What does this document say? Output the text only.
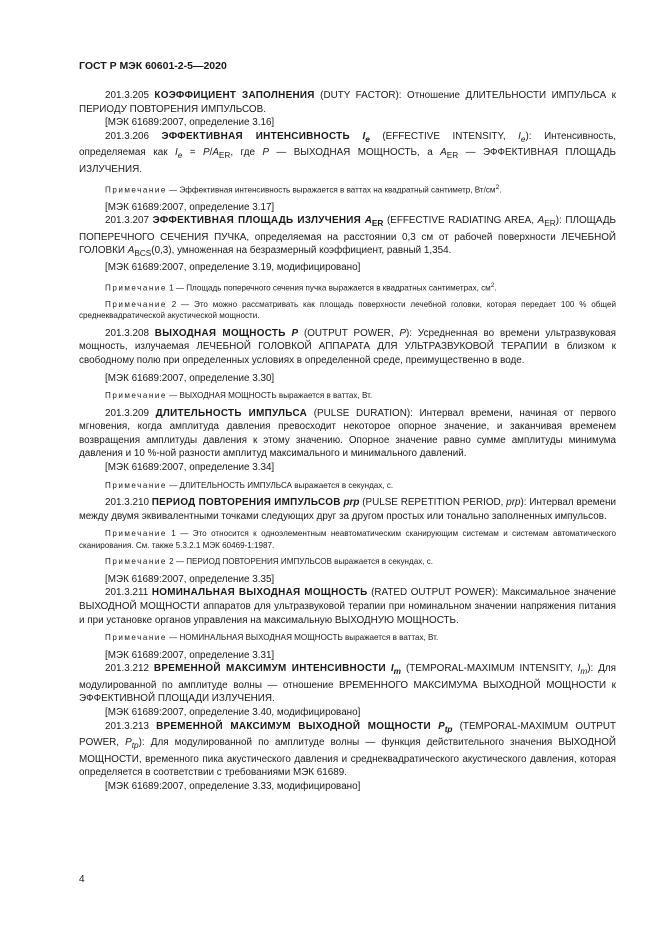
ГОСТ Р МЭК 60601-2-5—2020

201.3.205 КОЭФФИЦИЕНТ ЗАПОЛНЕНИЯ (DUTY FACTOR): Отношение ДЛИТЕЛЬНОСТИ ИМПУЛЬСА к ПЕРИОДУ ПОВТОРЕНИЯ ИМПУЛЬСОВ.

[МЭК 61689:2007, определение 3.16]

201.3.206 ЭФФЕКТИВНАЯ ИНТЕНСИВНОСТЬ $I_e$ (EFFECTIVE INTENSITY, $I_e$): Интенсивность, определяемая как $I_e = P/A_{ER}$, где P — ВЫХОДНАЯ МОЩНОСТЬ, а $A_{ER}$ — ЭФФЕКТИВНАЯ ПЛОЩАДЬ ИЗЛУЧЕНИЯ.

Примечание — Эффективная интенсивность выражается в ваттах на квадратный сантиметр, $Вт/см^2$.

[МЭК 61689:2007, определение 3.17]

201.3.207 ЭФФЕКТИВНАЯ ПЛОЩАДЬ ИЗЛУЧЕНИЯ $A_{ER}$ (EFFECTIVE RADIATING AREA, $A_{ER}$): ПЛОЩАДЬ ПОПЕРЕЧНОГО СЕЧЕНИЯ ПУЧКА, определяемая на расстоянии 0,3 см от рабочей поверхности ЛЕЧЕБНОЙ ГОЛОВКИ $A_{BCS}(0,3)$, умноженная на безразмерный коэффициент, равный 1,354.

[МЭК 61689:2007, определение 3.19, модифицировано]

Примечание 1 — Площадь поперечного сечения пучка выражается в квадратных сантиметрах, $см^2$.

Примечание 2 — Это можно рассматривать как площадь поверхности лечебной головки, которая передает 100 % общей среднеквадратической акустической мощности.

201.3.208 ВЫХОДНАЯ МОЩНОСТЬ P (OUTPUT POWER, P): Усредненная во времени ультразвуковая мощность, излучаемая ЛЕЧЕБНОЙ ГОЛОВКОЙ АППАРАТА ДЛЯ УЛЬТРАЗВУКОВОЙ ТЕРАПИИ в близком к свободному полю при определенных условиях в определенной среде, преимущественно в воде.

[МЭК 61689:2007, определение 3.30]

Примечание — ВЫХОДНАЯ МОЩНОСТЬ выражается в ваттах, Вт.

201.3.209 ДЛИТЕЛЬНОСТЬ ИМПУЛЬСА (PULSE DURATION): Интервал времени, начиная от первого мгновения, когда амплитуда давления превосходит некоторое опорное значение, и заканчивая временем возвращения амплитуды давления к этому значению. Опорное значение равно сумме амплитуды минимума давления и 10 %-ной разности амплитуд максимального и минимального давлений.

[МЭК 61689:2007, определение 3.34]

Примечание — ДЛИТЕЛЬНОСТЬ ИМПУЛЬСА выражается в секундах, с.

201.3.210 ПЕРИОД ПОВТОРЕНИЯ ИМПУЛЬСОВ prp (PULSE REPETITION PERIOD, prp): Интервал времени между двумя эквивалентными точками следующих друг за другом простых или тонально заполненных импульсов.

Примечание 1 — Это относится к одноэлементным неавтоматическим сканирующим системам и системам автоматического сканирования. См. также 5.3.2.1 МЭК 60469-1:1987.

Примечание 2 — ПЕРИОД ПОВТОРЕНИЯ ИМПУЛЬСОВ выражается в секундах, с.

[МЭК 61689:2007, определение 3.35]

201.3.211 НОМИНАЛЬНАЯ ВЫХОДНАЯ МОЩНОСТЬ (RATED OUTPUT POWER): Максимальное значение ВЫХОДНОЙ МОЩНОСТИ аппаратов для ультразвуковой терапии при номинальном значении напряжения питания и при установке органов управления на максимальную ВЫХОДНУЮ МОЩНОСТЬ.

Примечание — НОМИНАЛЬНАЯ ВЫХОДНАЯ МОЩНОСТЬ выражается в ваттах, Вт.

[МЭК 61689:2007, определение 3.31]

201.3.212 ВРЕМЕННОЙ МАКСИМУМ ИНТЕНСИВНОСТИ $I_m$ (TEMPORAL-MAXIMUM INTENSITY, $I_m$): Для модулированной по амплитуде волны — отношение ВРЕМЕННОГО МАКСИМУМА ВЫХОДНОЙ МОЩНОСТИ к ЭФФЕКТИВНОЙ ПЛОЩАДИ ИЗЛУЧЕНИЯ.

[МЭК 61689:2007, определение 3.40, модифицировано]

201.3.213 ВРЕМЕННОЙ МАКСИМУМ ВЫХОДНОЙ МОЩНОСТИ $P_{tp}$ (TEMPORAL-MAXIMUM OUTPUT POWER, $P_{tp}$): Для модулированной по амплитуде волны — функция действительного значения ВЫХОДНОЙ МОЩНОСТИ, временного пика акустического давления и среднеквадратического акустического давления, которая определяется в соответствии с требованиями МЭК 61689.

[МЭК 61689:2007, определение 3.33, модифицировано]

4
